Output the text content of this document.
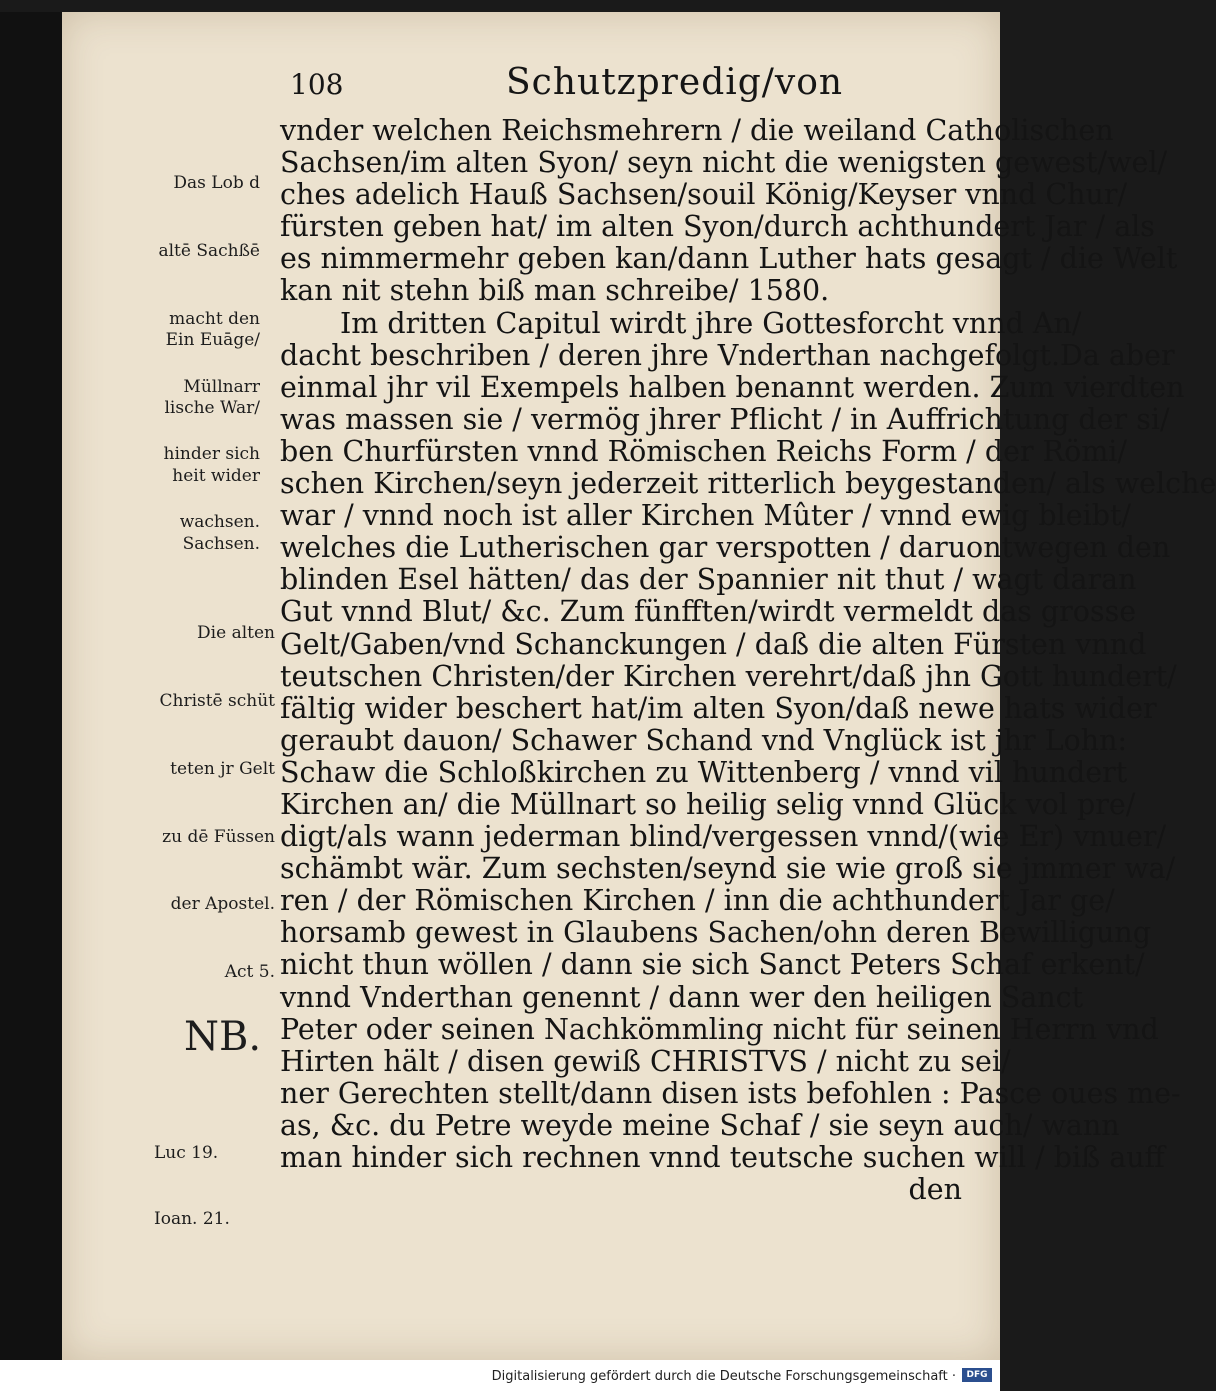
108	Schutzpredig/von

Das Lob d

altē Sachßē

macht den

Müllnarr

hinder sich

wachsen.

Ein Euāge/

lische War/

heit wider

Sachsen.

Die alten

Christē schüt

teten jr Gelt

zu dē Füssen

der Apostel.

Act 5.

NB.

Luc 19.

Ioan. 21.

vnder welchen Reichsmehrern / die weiland Catholischen
Sachsen/im alten Syon/ seyn nicht die wenigsten gewest/wel/
ches adelich Hauß Sachsen/souil König/Keyser vnnd Chur/
fürsten geben hat/ im alten Syon/durch achthundert Jar / als
es nimmermehr geben kan/dann Luther hats gesagt / die Welt
kan nit stehn biß man schreibe/ 1580.
Im dritten Capitul wirdt jhre Gottesforcht vnnd An/
dacht beschriben / deren jhre Vnderthan nachgefolgt.Da aber
einmal jhr vil Exempels halben benannt werden. Zum vierdten
was massen sie / vermög jhrer Pflicht / in Auffrichtung der si/
ben Churfürsten vnnd Römischen Reichs Form / der Römi/
schen Kirchen/seyn jederzeit ritterlich beygestanden/ als welche
war / vnnd noch ist aller Kirchen Mûter / vnnd ewig bleibt/
welches die Lutherischen gar verspotten / daruontwegen den
blinden Esel hätten/ das der Spannier nit thut / wagt daran
Gut vnnd Blut/ &c. Zum fünfften/wirdt vermeldt das grosse
Gelt/Gaben/vnd Schanckungen / daß die alten Fürsten vnnd
teutschen Christen/der Kirchen verehrt/daß jhn Gott hundert/
fältig wider beschert hat/im alten Syon/daß newe hats wider
geraubt dauon/ Schawer Schand vnd Vnglück ist jhr Lohn:
Schaw die Schloßkirchen zu Wittenberg / vnnd vil hundert
Kirchen an/ die Müllnart so heilig selig vnnd Glück vol pre/
digt/als wann jederman blind/vergessen vnnd/(wie Er) vnuer/
schämbt wär. Zum sechsten/seynd sie wie groß sie jmmer wa/
ren / der Römischen Kirchen / inn die achthundert Jar ge/
horsamb gewest in Glaubens Sachen/ohn deren Bewilligung
nicht thun wöllen / dann sie sich Sanct Peters Schaf erkent/
vnnd Vnderthan genennt / dann wer den heiligen Sanct
Peter oder seinen Nachkömmling nicht für seinen Herrn vnd
Hirten hält / disen gewiß CHRISTVS / nicht zu sei/
ner Gerechten stellt/dann disen ists befohlen : Pasce oues me-
as, &c. du Petre weyde meine Schaf / sie seyn auch/ wann
man hinder sich rechnen vnnd teutsche suchen will / biß auff
den
Digitalisierung gefördert durch die Deutsche Forschungsgemeinschaft ·	DFG
